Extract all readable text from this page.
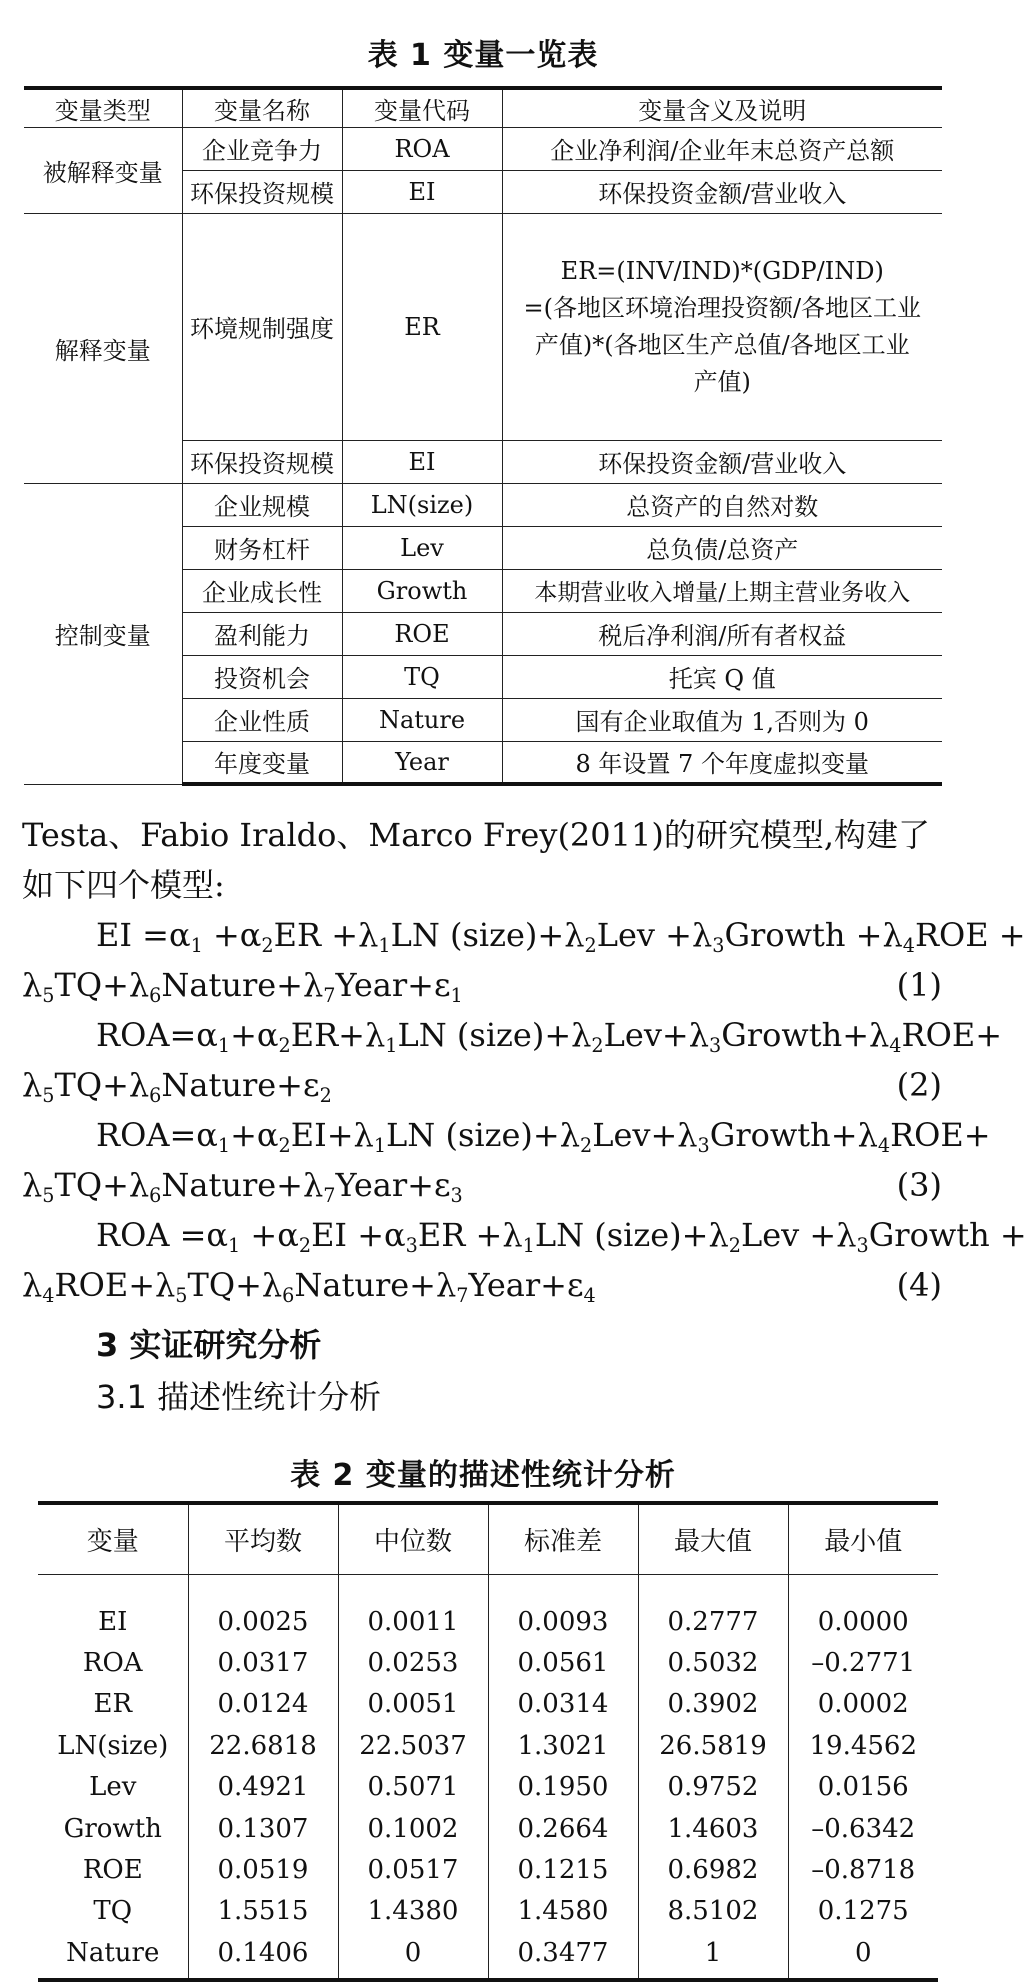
表 1 变量一览表
变量类型	变量名称	变量代码	变量含义及说明
被解释变量	企业竞争力	ROA	企业净利润/企业年末总资产总额
	环保投资规模	EI	环保投资金额/营业收入
解释变量	环境规制强度	ER	ER=(INV/IND)*(GDP/IND)
=(各地区环境治理投资额/各地区工业
产值)*(各地区生产总值/各地区工业
产值)

	环保投资规模	EI	环保投资金额/营业收入
控制变量	企业规模	LN(size)	总资产的自然对数
	财务杠杆	Lev	总负债/总资产
	企业成长性	Growth	本期营业收入增量/上期主营业务收入
	盈利能力	ROE	税后净利润/所有者权益
	投资机会	TQ	托宾 Q 值
	企业性质	Nature	国有企业取值为 1,否则为 0
	年度变量	Year	8 年设置 7 个年度虚拟变量
Testa、Fabio Iraldo、Marco Frey(2011)的研究模型,构建了
如下四个模型:
EI $=\alpha_1 +\alpha_2ER +\lambda_1LN$ $(size)+\lambda_2Lev$ $+\lambda_3Growth +\lambda_4ROE$ +
$\lambda_5TQ+\lambda_6Nature+\lambda_7Year+\varepsilon_1$	(1)
$ROA=\alpha_1+\alpha_2ER+\lambda_1LN$ $(size)+\lambda_2Lev+\lambda_3Growth+\lambda_4ROE+$
$\lambda_5TQ+\lambda_6Nature+\varepsilon_2$	(2)
$ROA=\alpha_1+\alpha_2EI+\lambda_1LN$ $(size)+\lambda_2Lev+\lambda_3Growth+\lambda_4ROE+$
$\lambda_5TQ+\lambda_6Nature+\lambda_7Year+\varepsilon_3$	(3)
ROA $=\alpha_1 +\alpha_2EI +\alpha_3ER +\lambda_1LN$ $(size)+\lambda_2Lev$ $+\lambda_3Growth$ +
$\lambda_4ROE+\lambda_5TQ+\lambda_6Nature+\lambda_7Year+\varepsilon_4$	(4)
3 实证研究分析
3.1 描述性统计分析
表 2 变量的描述性统计分析
变量	平均数	中位数	标准差	最大值	最小值
EI	0.0025	0.0011	0.0093	0.2777	0.0000
ROA	0.0317	0.0253	0.0561	0.5032	–0.2771
ER	0.0124	0.0051	0.0314	0.3902	0.0002
LN(size)	22.6818	22.5037	1.3021	26.5819	19.4562
Lev	0.4921	0.5071	0.1950	0.9752	0.0156
Growth	0.1307	0.1002	0.2664	1.4603	–0.6342
ROE	0.0519	0.0517	0.1215	0.6982	–0.8718
TQ	1.5515	1.4380	1.4580	8.5102	0.1275
Nature	0.1406	0	0.3477	1	0
